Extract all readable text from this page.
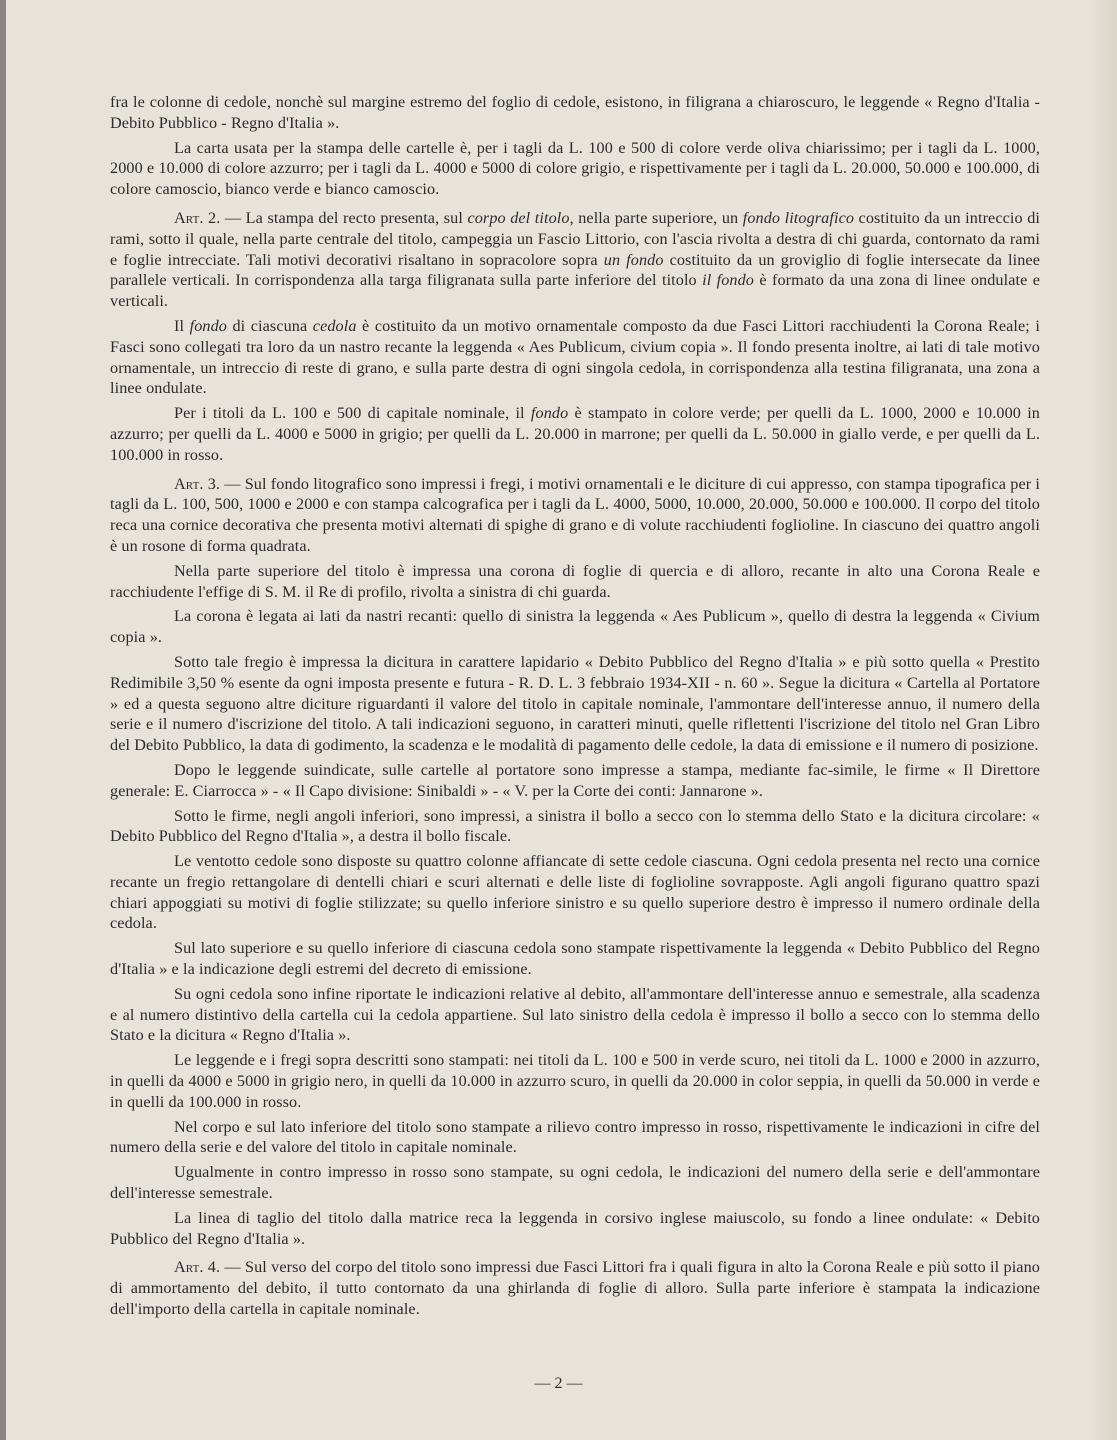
fra le colonne di cedole, nonchè sul margine estremo del foglio di cedole, esistono, in filigrana a chiaroscuro, le leggende « Regno d'Italia - Debito Pubblico - Regno d'Italia ».

La carta usata per la stampa delle cartelle è, per i tagli da L. 100 e 500 di colore verde oliva chiarissimo; per i tagli da L. 1000, 2000 e 10.000 di colore azzurro; per i tagli da L. 4000 e 5000 di colore grigio, e rispettivamente per i tagli da L. 20.000, 50.000 e 100.000, di colore camoscio, bianco verde e bianco camoscio.

Art. 2. — La stampa del recto presenta, sul corpo del titolo, nella parte superiore, un fondo litografico costituito da un intreccio di rami, sotto il quale, nella parte centrale del titolo, campeggia un Fascio Littorio, con l'ascia rivolta a destra di chi guarda, contornato da rami e foglie intrecciate. Tali motivi decorativi risaltano in sopracolore sopra un fondo costituito da un groviglio di foglie intersecate da linee parallele verticali. In corrispondenza alla targa filigranata sulla parte inferiore del titolo il fondo è formato da una zona di linee ondulate e verticali.

Il fondo di ciascuna cedola è costituito da un motivo ornamentale composto da due Fasci Littori racchiudenti la Corona Reale; i Fasci sono collegati tra loro da un nastro recante la leggenda « Aes Publicum, civium copia ». Il fondo presenta inoltre, ai lati di tale motivo ornamentale, un intreccio di reste di grano, e sulla parte destra di ogni singola cedola, in corrispondenza alla testina filigranata, una zona a linee ondulate.

Per i titoli da L. 100 e 500 di capitale nominale, il fondo è stampato in colore verde; per quelli da L. 1000, 2000 e 10.000 in azzurro; per quelli da L. 4000 e 5000 in grigio; per quelli da L. 20.000 in marrone; per quelli da L. 50.000 in giallo verde, e per quelli da L. 100.000 in rosso.

Art. 3. — Sul fondo litografico sono impressi i fregi, i motivi ornamentali e le diciture di cui appresso, con stampa tipografica per i tagli da L. 100, 500, 1000 e 2000 e con stampa calcografica per i tagli da L. 4000, 5000, 10.000, 20.000, 50.000 e 100.000. Il corpo del titolo reca una cornice decorativa che presenta motivi alternati di spighe di grano e di volute racchiudenti foglioline. In ciascuno dei quattro angoli è un rosone di forma quadrata.

Nella parte superiore del titolo è impressa una corona di foglie di quercia e di alloro, recante in alto una Corona Reale e racchiudente l'effige di S. M. il Re di profilo, rivolta a sinistra di chi guarda.

La corona è legata ai lati da nastri recanti: quello di sinistra la leggenda « Aes Publicum », quello di destra la leggenda « Civium copia ».

Sotto tale fregio è impressa la dicitura in carattere lapidario « Debito Pubblico del Regno d'Italia » e più sotto quella « Prestito Redimibile 3,50 % esente da ogni imposta presente e futura - R. D. L. 3 febbraio 1934-XII - n. 60 ». Segue la dicitura « Cartella al Portatore » ed a questa seguono altre diciture riguardanti il valore del titolo in capitale nominale, l'ammontare dell'interesse annuo, il numero della serie e il numero d'iscrizione del titolo. A tali indicazioni seguono, in caratteri minuti, quelle riflettenti l'iscrizione del titolo nel Gran Libro del Debito Pubblico, la data di godimento, la scadenza e le modalità di pagamento delle cedole, la data di emissione e il numero di posizione.

Dopo le leggende suindicate, sulle cartelle al portatore sono impresse a stampa, mediante fac-simile, le firme « Il Direttore generale: E. Ciarrocca » - « Il Capo divisione: Sinibaldi » - « V. per la Corte dei conti: Jannarone ».

Sotto le firme, negli angoli inferiori, sono impressi, a sinistra il bollo a secco con lo stemma dello Stato e la dicitura circolare: « Debito Pubblico del Regno d'Italia », a destra il bollo fiscale.

Le ventotto cedole sono disposte su quattro colonne affiancate di sette cedole ciascuna. Ogni cedola presenta nel recto una cornice recante un fregio rettangolare di dentelli chiari e scuri alternati e delle liste di foglioline sovrapposte. Agli angoli figurano quattro spazi chiari appoggiati su motivi di foglie stilizzate; su quello inferiore sinistro e su quello superiore destro è impresso il numero ordinale della cedola.

Sul lato superiore e su quello inferiore di ciascuna cedola sono stampate rispettivamente la leggenda « Debito Pubblico del Regno d'Italia » e la indicazione degli estremi del decreto di emissione.

Su ogni cedola sono infine riportate le indicazioni relative al debito, all'ammontare dell'interesse annuo e semestrale, alla scadenza e al numero distintivo della cartella cui la cedola appartiene. Sul lato sinistro della cedola è impresso il bollo a secco con lo stemma dello Stato e la dicitura « Regno d'Italia ».

Le leggende e i fregi sopra descritti sono stampati: nei titoli da L. 100 e 500 in verde scuro, nei titoli da L. 1000 e 2000 in azzurro, in quelli da 4000 e 5000 in grigio nero, in quelli da 10.000 in azzurro scuro, in quelli da 20.000 in color seppia, in quelli da 50.000 in verde e in quelli da 100.000 in rosso.

Nel corpo e sul lato inferiore del titolo sono stampate a rilievo contro impresso in rosso, rispettivamente le indicazioni in cifre del numero della serie e del valore del titolo in capitale nominale.

Ugualmente in contro impresso in rosso sono stampate, su ogni cedola, le indicazioni del numero della serie e dell'ammontare dell'interesse semestrale.

La linea di taglio del titolo dalla matrice reca la leggenda in corsivo inglese maiuscolo, su fondo a linee ondulate: « Debito Pubblico del Regno d'Italia ».

Art. 4. — Sul verso del corpo del titolo sono impressi due Fasci Littori fra i quali figura in alto la Corona Reale e più sotto il piano di ammortamento del debito, il tutto contornato da una ghirlanda di foglie di alloro. Sulla parte inferiore è stampata la indicazione dell'importo della cartella in capitale nominale.

— 2 —
